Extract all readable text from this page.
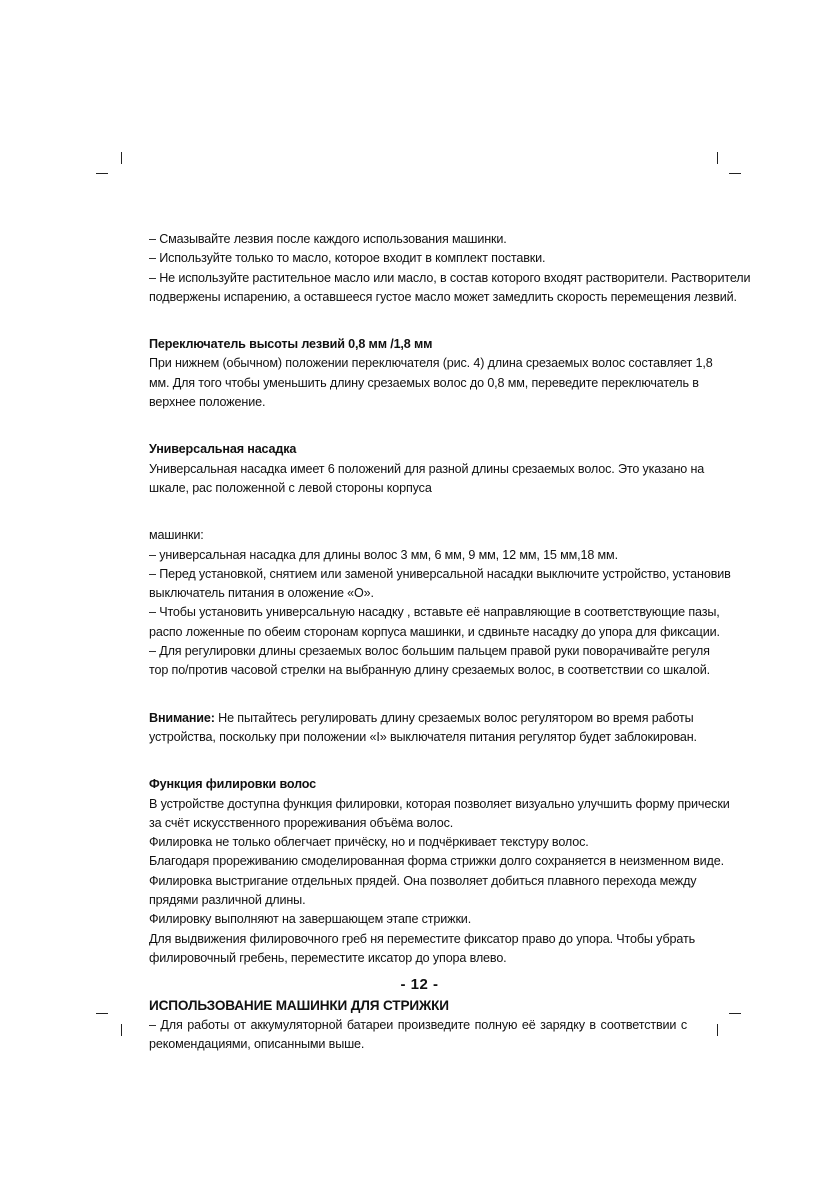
– Смазывайте лезвия после каждого использования машинки.
– Используйте только то масло, которое входит в комплект поставки.
– Не используйте растительное масло или масло, в состав которого входят растворители. Растворители
подвержены испарению, а оставшееся густое масло может замедлить скорость перемещения лезвий.
Переключатель высоты лезвий 0,8 мм /1,8 мм
При нижнем (обычном) положении переключателя (рис. 4) длина срезаемых волос составляет 1,8
мм. Для того чтобы уменьшить длину срезаемых волос до 0,8 мм, переведите переключатель в
верхнее положение.
Универсальная насадка
Универсальная насадка имеет 6 положений для разной длины срезаемых волос. Это указано на
шкале, рас положенной с левой стороны корпуса
машинки:
– универсальная насадка для длины волос 3 мм, 6 мм, 9 мм, 12 мм, 15 мм,18 мм.
– Перед установкой, снятием или заменой универсальной насадки выключите устройство, установив
выключатель питания в оложение «O».
– Чтобы установить универсальную насадку , вставьте её направляющие в соответствующие пазы,
распо ложенные по обеим сторонам корпуса машинки, и сдвиньте насадку до упора для фиксации.
– Для регулировки длины срезаемых волос большим пальцем правой руки поворачивайте регуля
тор по/против часовой стрелки на выбранную длину срезаемых волос, в соответствии со шкалой.
Внимание: Не пытайтесь регулировать длину срезаемых волос регулятором во время работы
устройства, поскольку при положении «I» выключателя питания регулятор будет заблокирован.
Функция филировки волос
В устройстве доступна функция филировки, которая позволяет визуально улучшить форму прически
за счёт искусственного прореживания объёма волос.
Филировка не только облегчает причёску, но и подчёркивает текстуру волос.
Благодаря прореживанию смоделированная форма стрижки долго сохраняется в неизменном виде.
Филировка выстригание отдельных прядей. Она позволяет добиться плавного перехода между
прядями различной длины.
Филировку выполняют на завершающем этапе стрижки.
Для выдвижения филировочного греб ня переместите фиксатор право до упора. Чтобы убрать
филировочный гребень, переместите иксатор до упора влево.
ИСПОЛЬЗОВАНИЕ МАШИНКИ ДЛЯ СТРИЖКИ
– Для работы от аккумуляторной батареи произведите полную её зарядку в соответствии с
рекомендациями, описанными выше.
- 12 -
